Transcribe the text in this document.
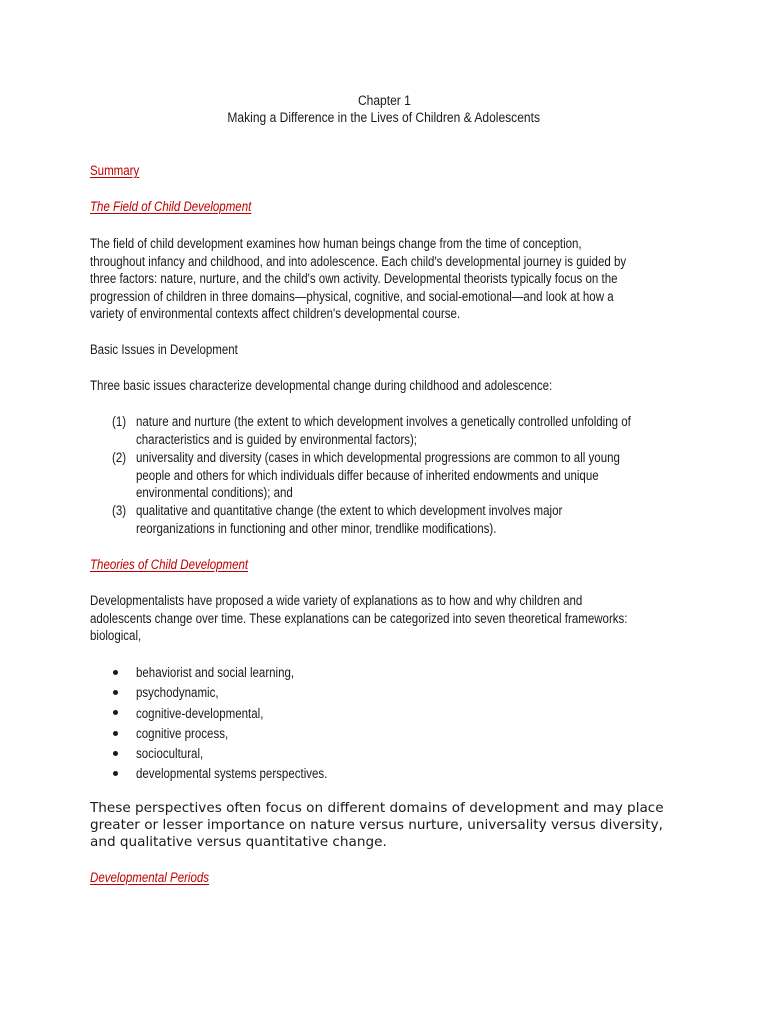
Chapter 1
Making a Difference in the Lives of Children & Adolescents
Summary
The Field of Child Development
The field of child development examines how human beings change from the time of conception,
throughout infancy and childhood, and into adolescence. Each child's developmental journey is guided by
three factors: nature, nurture, and the child's own activity. Developmental theorists typically focus on the
progression of children in three domains—physical, cognitive, and social-emotional—and look at how a
variety of environmental contexts affect children's developmental course.
Basic Issues in Development
Three basic issues characterize developmental change during childhood and adolescence:
(1) nature and nurture (the extent to which development involves a genetically controlled unfolding of
characteristics and is guided by environmental factors);
(2) universality and diversity (cases in which developmental progressions are common to all young
people and others for which individuals differ because of inherited endowments and unique
environmental conditions); and
(3) qualitative and quantitative change (the extent to which development involves major
reorganizations in functioning and other minor, trendlike modifications).
Theories of Child Development
Developmentalists have proposed a wide variety of explanations as to how and why children and
adolescents change over time. These explanations can be categorized into seven theoretical frameworks:
biological,
behaviorist and social learning,
psychodynamic,
cognitive-developmental,
cognitive process,
sociocultural,
developmental systems perspectives.
These perspectives often focus on different domains of development and may place
greater or lesser importance on nature versus nurture, universality versus diversity,
and qualitative versus quantitative change.
Developmental Periods
